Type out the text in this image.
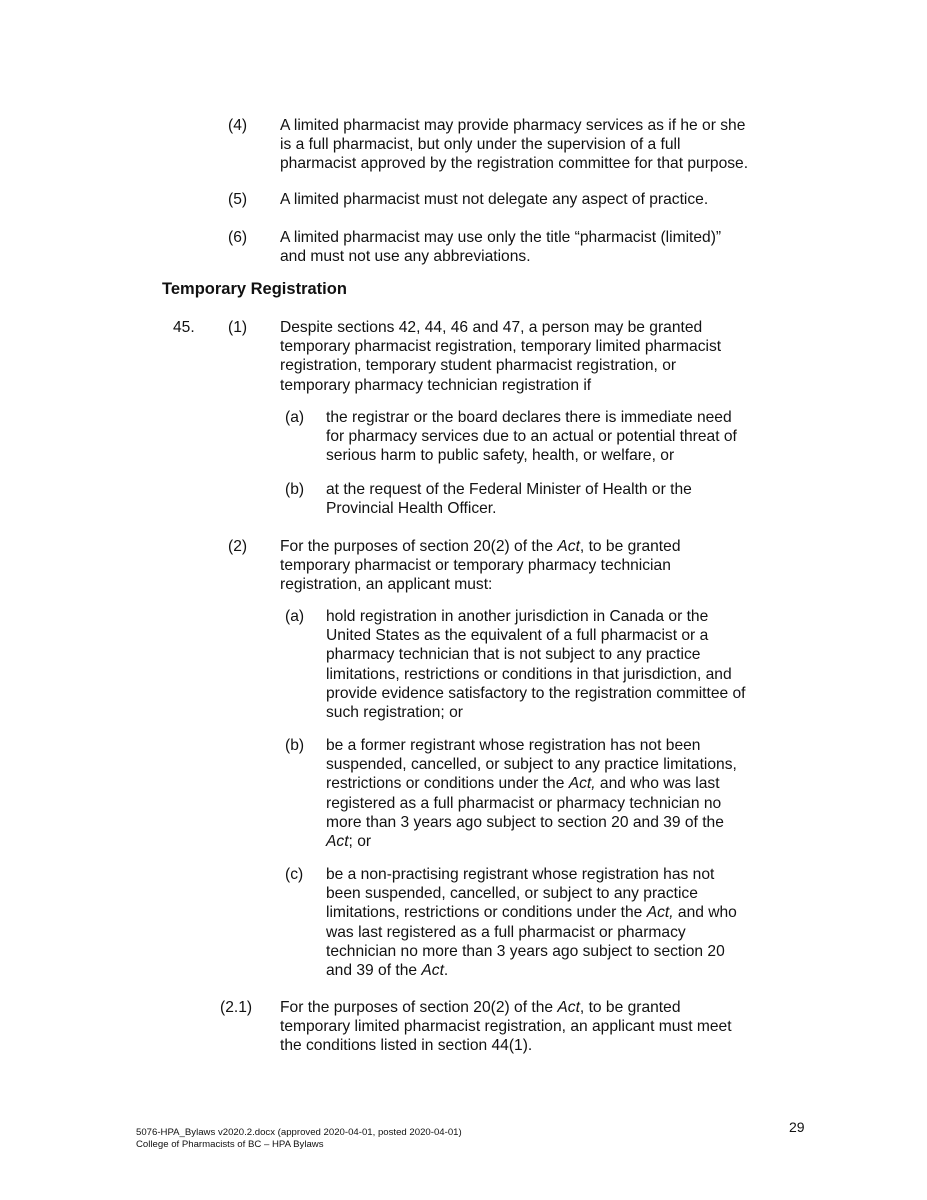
(4) A limited pharmacist may provide pharmacy services as if he or she
is a full pharmacist, but only under the supervision of a full
pharmacist approved by the registration committee for that purpose.
(5) A limited pharmacist must not delegate any aspect of practice.
(6) A limited pharmacist may use only the title “pharmacist (limited)”
and must not use any abbreviations.
Temporary Registration
45. (1) Despite sections 42, 44, 46 and 47, a person may be granted
temporary pharmacist registration, temporary limited pharmacist
registration, temporary student pharmacist registration, or
temporary pharmacy technician registration if
(a) the registrar or the board declares there is immediate need
for pharmacy services due to an actual or potential threat of
serious harm to public safety, health, or welfare, or
(b) at the request of the Federal Minister of Health or the
Provincial Health Officer.
(2) For the purposes of section 20(2) of the Act, to be granted
temporary pharmacist or temporary pharmacy technician
registration, an applicant must:
(a) hold registration in another jurisdiction in Canada or the
United States as the equivalent of a full pharmacist or a
pharmacy technician that is not subject to any practice
limitations, restrictions or conditions in that jurisdiction, and
provide evidence satisfactory to the registration committee of
such registration; or
(b) be a former registrant whose registration has not been
suspended, cancelled, or subject to any practice limitations,
restrictions or conditions under the Act, and who was last
registered as a full pharmacist or pharmacy technician no
more than 3 years ago subject to section 20 and 39 of the
Act; or
(c) be a non-practising registrant whose registration has not
been suspended, cancelled, or subject to any practice
limitations, restrictions or conditions under the Act, and who
was last registered as a full pharmacist or pharmacy
technician no more than 3 years ago subject to section 20
and 39 of the Act.
(2.1) For the purposes of section 20(2) of the Act, to be granted
temporary limited pharmacist registration, an applicant must meet
the conditions listed in section 44(1).
5076-HPA_Bylaws v2020.2.docx (approved 2020-04-01, posted 2020-04-01)
College of Pharmacists of BC – HPA Bylaws
29
